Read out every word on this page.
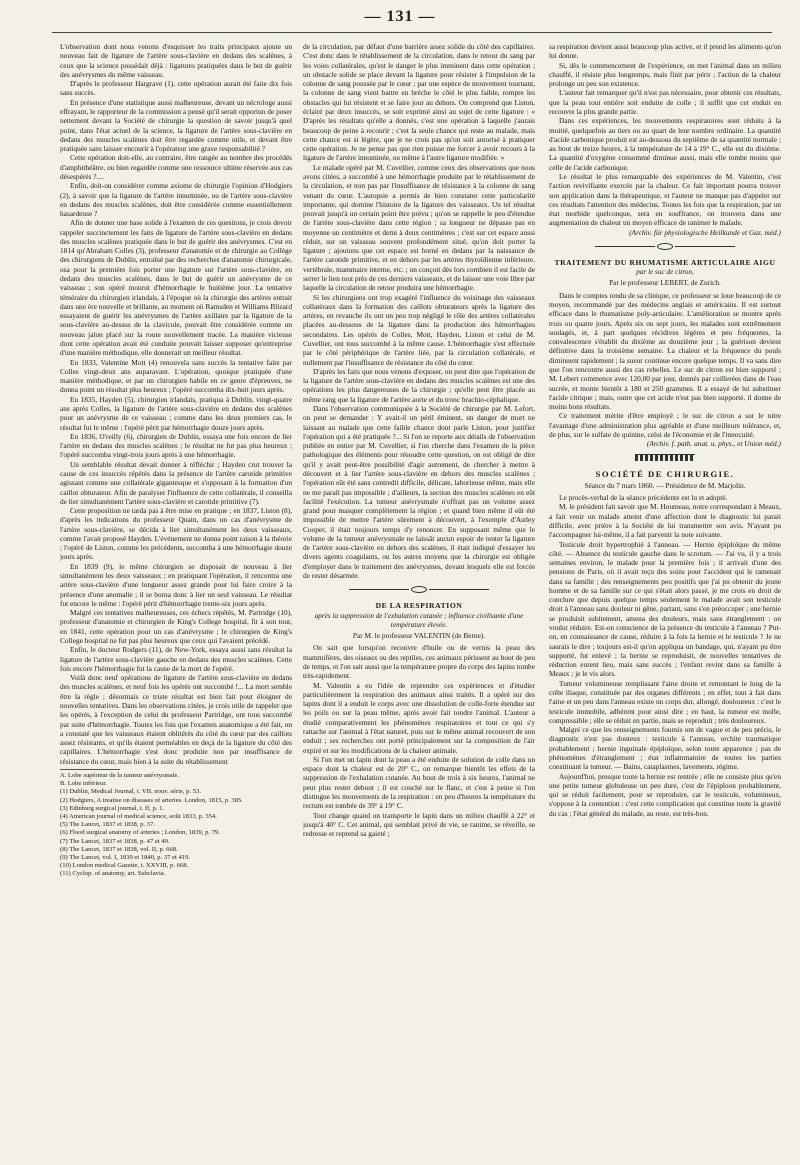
— 131 —

L'observation dont nous venons d'esquisser les traits principaux ajoute un nouveau fait de ligature de l'artère sous-clavière en dedans des scalènes, à ceux que la science possédait déjà : ligatures pratiquées dans le but de guérir des anévrysmes du même vaisseau.

D'après le professeur Hargrave (1), cette opération aurait été faite dix fois sans succès.

En présence d'une statistique aussi malheureuse, devant un nécrologe aussi effrayant, le rapporteur de la commission a pensé qu'il serait opportun de poser nettement devant la Société de chirurgie la question de savoir jusqu'à quel point, dans l'état actuel de la science, la ligature de l'artère sous-clavière en dedans des muscles scalènes doit être regardée comme utile, et devant être pratiquée sans laisser encourir à l'opérateur une grave responsabilité ?

Cette opération doit-elle, au contraire, être rangée au nombre des procédés d'amphithéâtre, ou bien regardée comme une ressource ultime réservée aux cas désespérés ?....

Enfin, doit-on considérer comme axiome de chirurgie l'opinion d'Hodgiers (2), à savoir que la ligature de l'artère innominée, ou de l'artère sous-clavière en dedans des muscles scalènes, doit être considérée comme essentiellement hasardeuse ?

Afin de donner une base solide à l'examen de ces questions, je crois devoir rappeler succinctement les faits de ligature de l'artère sous-clavière en dedans des muscles scalènes pratiquée dans le but de guérir des anévrysmes. C'est en 1814 qu'Abraham Colles (3), professeur d'anatomie et de chirurgie au Collège des chirurgiens de Dublin, entraîné par des recherches d'anatomie chirurgicale, osa pour la première fois porter une ligature sur l'artère sous-clavière, en dedans des muscles scalènes, dans le but de guérir un anévrysme de ce vaisseau ; son opéré mourut d'hémorrhagie le huitième jour. La tentative téméraire du chirurgien irlandais, à l'époque où la chirurgie des artères entrait dans une ère nouvelle et brillante, au moment où Ramsden et Williams Blizard essayaient de guérir les anévrysmes de l'artère axillaire par la ligature de la sous-clavière au-dessus de la clavicule, pouvait être considérée comme un nouveau jalon placé sur la route nouvellement tracée. La manière vicieuse dont cette opération avait été conduite pouvait laisser supposer qu'entreprise d'une manière méthodique, elle donnerait un meilleur résultat.

En 1833, Valentine Mott (4) renouvela sans succès la tentative faite par Colles vingt-deux ans auparavant. L'opération, quoique pratiquée d'une manière méthodique, et par un chirurgien habile en ce genre d'épreuves, ne donna point un résultat plus heureux ; l'opéré succomba dix-huit jours après.

En 1835, Hayden (5), chirurgien irlandais, pratiqua à Dublin, vingt-quatre ans après Colles, la ligature de l'artère sous-clavière en dedans des scalènes pour un anévrysme de ce vaisseau ; comme dans les deux premiers cas, le résultat fut le même : l'opéré périt par hémorrhagie douze jours après.

En 1836, O'reilly (6), chirurgien de Dublin, essaya une fois encore de lier l'artère en dedans des muscles scalènes ; le résultat ne fut pas plus heureux ; l'opéré succomba vingt-trois jours après à une hémorrhagie.

Un semblable résultat devait donner à réfléchir ; Hayden crut trouver la cause de ces insuccès répétés dans la présence de l'artère carotide primitive agissant comme une collatérale gigantesque et s'opposant à la formation d'un caillot obturateur. Afin de paralyser l'influence de cette collatérale, il conseilla de lier simultanément l'artère sous-clavière et carotide primitive (7).

Cette proposition ne tarda pas à être mise en pratique ; en 1837, Liston (8), d'après les indications du professeur Quain, dans un cas d'anévrysme de l'artère sous-clavière, se décida à lier simultanément les deux vaisseaux, comme l'avait proposé Hayden. L'événement ne donna point raison à la théorie ; l'opéré de Liston, comme les précédents, succomba à une hémorrhagie douze jours après.

En 1839 (9), le même chirurgien se disposait de nouveau à lier simultanément les deux vaisseaux ; en pratiquant l'opération, il rencontra une artère sous-clavière d'une longueur assez grande pour lui faire croire à la présence d'une anomalie ; il se borna donc à lier un seul vaisseau. Le résultat fut encore le même : l'opéré périt d'hémorrhagie trente-six jours après.

Malgré ces tentatives malheureuses, ces échecs répétés, M. Partridge (10), professeur d'anatomie et chirurgien de King's College hospital, fit à son tour, en 1841, cette opération pour un cas d'anévrysme ; le chirurgien de King's College hospital ne fut pas plus heureux que ceux qui l'avaient précédé.

Enfin, le docteur Rodgers (11), de New-York, essaya aussi sans résultat la ligature de l'artère sous-clavière gauche en dedans des muscles scalènes. Cette fois encore l'hémorrhagie fut la cause de la mort de l'opéré.

Voilà donc neuf opérations de ligature de l'artère sous-clavière en dedans des muscles scalènes, et neuf fois les opérés ont succombé !... La mort semble être la règle ; désormais ce triste résultat est bien fait pour éloigner de nouvelles tentatives. Dans les observations citées, je crois utile de rappeler que les opérés, à l'exception de celui du professeur Partridge, ont tous succombé par suite d'hémorrhagie. Toutes les fois que l'examen anatomique a été fait, on a constaté que les vaisseaux étaient oblitérés du côté du cœur par des caillots assez résistants, et qu'ils étaient perméables en deçà de la ligature du côté des capillaires. L'hémorrhagie s'est donc produite non par insuffisance de résistance du cœur, mais bien à la suite du rétablissement

A. Lobe supérieur de la tumeur anévrysmale.
B. Lobe inférieur.
(1) Dublin, Medical Journal, t. VII, nouv. série, p. 53.
(2) Hodgiers, A treatise on diseases of arteries. London, 1815, p. 385.
(3) Edinburg surgical journal, t. ff, p. 1.
(4) American journal of medical science, août 1833, p. 354.
(5) The Lancet, 1837 et 1838, p. 37.
(6) Flood surgical anatomy of arteries ; London, 1839, p. 79.
(7) The Lancet, 1837 et 1838, p. 47 et 49.
(8) The Lancet, 1837 et 1838, vol. II, p. 668.
(9) The Lancet, vol. I, 1839 et 1840, p. 37 et 419.
(10) London medical Gazette, t. XXVIII, p. 668.
(11) Cyclop. of anatomy, art. Subclavia.

de la circulation, par défaut d'une barrière assez solide du côté des capillaires. C'est donc dans le rétablissement de la circulation, dans le retour du sang par les voies collatérales, qu'est le danger le plus imminent dans cette opération ; un obstacle solide se place devant la ligature pour résister à l'impulsion de la colonne de sang poussée par le cœur ; par une espèce de mouvement tournant, la colonne de sang vient battre en brèche le côté le plus faible, rompre les obstacles qui lui résistent et se faire jour au dehors. On comprend que Liston, éclairé par deux insuccès, se soit exprimé ainsi au sujet de cette ligature : « D'après les résultats qu'elle a donnés, c'est une opération à laquelle j'aurais beaucoup de peine à recourir ; c'est la seule chance qui reste au malade, mais cette chance est si légère, que je ne crois pas qu'on soit autorisé à pratiquer cette opération. Je ne pense pas que rien puisse me forcer à avoir recours à la ligature de l'artère innominée, ou même à l'autre ligature modifiée. »

Le malade opéré par M. Cuvellier, comme ceux des observations que nous avons citées, a succombé à une hémorrhagie produite par le rétablissement de la circulation, et non pas par l'insuffisance de résistance à la colonne de sang venant du cœur. L'autopsie a permis de bien constater cette particularité importante, qui domine l'histoire de la ligature des vaisseaux. Un tel résultat pouvait jusqu'à un certain point être prévu ; qu'on se rappelle le peu d'étendue de l'artère sous-clavière dans cette région ; sa longueur ne dépasse pas en moyenne un centimètre et demi à deux centimètres ; c'est sur cet espace aussi réduit, sur un vaisseau souvent profondément situé, qu'on doit porter la ligature ; ajoutons que cet espace est borné en dedans par la naissance de l'artère carotide primitive, et en dehors par les artères thyroïdienne inférieure, vertébrale, mammaire interne, etc. ; on conçoit dès lors combien il est facile de serrer le lien tout près de ces derniers vaisseaux, et de laisser une voie libre par laquelle la circulation de retour produira une hémorrhagie.

Si les chirurgiens ont trop exagéré l'influence du voisinage des vaisseaux collatéraux dans la formation des caillots obturateurs après la ligature des artères, en revanche ils ont un peu trop négligé le rôle des artères collatérales placées au-dessous de la ligature dans la production des hémorrhagies secondaires. Les opérés de Colles, Mott, Hayden, Liston et celui de M. Cuvellier, ont tous succombé à la même cause. L'hémorrhagie s'est effectuée par le côté périphérique de l'artère liée, par la circulation collatérale, et nullement par l'insuffisance de résistance du côté du cœur.

D'après les faits que nous venons d'exposer, on peut dire que l'opération de la ligature de l'artère sous-clavière en dedans des muscles scalènes est une des opérations les plus dangereuses de la chirurgie ; qu'elle peut être placée au même rang que la ligature de l'artère aorte et du tronc brachio-céphalique.

Dans l'observation communiquée à la Société de chirurgie par M. Lefort, on peut se demander : Y avait-il un péril éminent, un danger de mort ne laissant au malade que cette faible chance dont parle Liston, pour justifier l'opération qui a été pratiquée ?... Si l'on se reporte aux détails de l'observation publiée en entier par M. Cuvellier, si l'on cherche dans l'examen de la pièce pathologique des éléments pour résoudre cette question, on est obligé de dire qu'il y avait peut-être possibilité d'agir autrement, de chercher à mettre à découvert et à lier l'artère sous-clavière en dehors des muscles scalènes ; l'opération eût été sans contredit difficile, délicate, laborieuse même, mais elle ne me paraît pas impossible ; d'ailleurs, la section des muscles scalènes en eût facilité l'exécution. La tumeur anévrysmale n'offrait pas un volume assez grand pour masquer complètement la région ; et quand bien même il eût été impossible de mettre l'artère sûrement à découvert, à l'exemple d'Astley Cooper, il était toujours temps d'y renoncer. En supposant même que le volume de la tumeur anévrysmale ne laissât aucun espoir de tenter la ligature de l'artère sous-clavière en dehors des scalènes, il était indiqué d'essayer les divers agents coagulants, ou les autres moyens que la chirurgie est obligée d'employer dans le traitement des anévrysmes, devant lesquels elle est forcée de rester désarmée.

DE LA RESPIRATION
après la suppression de l'exhalation cutanée ; influence civilisante d'une température élevée.
Par M. le professeur VALENTIN (de Berne).

On sait que lorsqu'on recouvre d'huile ou de vernis la peau des mammifères, des oiseaux ou des reptiles, ces animaux périssent au bout de peu de temps, et l'on sait aussi que la température propre du corps des lapins tombe très-rapidement.

M. Valentin a eu l'idée de reprendre ces expériences et d'étudier particulièrement la respiration des animaux ainsi traités. Il a opéré sur des lapins dont il a enduit le corps avec une dissolution de colle-forte étendue sur les poils ou sur la peau même, après avoir fait tondre l'animal. L'auteur a étudié comparativement les phénomènes respiratoires et tout ce qui s'y rattache sur l'animal à l'état naturel, puis sur le même animal recouvert de son enduit ; ses recherches ont porté principalement sur la composition de l'air expiré et sur les modifications de la chaleur animale.

Si l'on met un lapin dont la peau a été enduite de solution de colle dans un espace dont la chaleur est de 20° C., on remarque bientôt les effets de la suppression de l'exhalation cutanée. Au bout de trois à six heures, l'animal ne peut plus rester debout ; il est couché sur le flanc, et c'est à peine si l'on distingue les mouvements de la respiration : en peu d'heures la température du rectum est tombée de 39° à 19° C.

Tout change quand on transporte le lapin dans un milieu chauffé à 22° et jusqu'à 40° C. Cet animal, qui semblait privé de vie, se ranime, se réveille, se redresse et reprend sa gaieté ;

sa respiration devient aussi beaucoup plus active, et il prend les aliments qu'on lui donne.

Si, dès le commencement de l'expérience, on met l'animal dans un milieu chauffé, il résiste plus longtemps, mais finit par périr ; l'action de la chaleur prolonge un peu son existence.

L'auteur fait remarquer qu'il n'est pas nécessaire, pour obtenir ces résultats, que la peau tout entière soit enduite de colle ; il suffit que cet enduit en recouvre la plus grande partie.

Dans ces expériences, les mouvements respiratoires sont réduits à la moitié, quelquefois au tiers ou au quart de leur nombre ordinaire. La quantité d'acide carbonique produit est au-dessous du septième de sa quantité normale ; au bout de treize heures, à la température de 14 à 19° C., elle est du dixième. La quantité d'oxygène consommé diminue aussi, mais elle tombe moins que celle de l'acide carbonique.

Le résultat le plus remarquable des expériences de M. Valentin, c'est l'action revivifiante exercée par la chaleur. Ce fait important pourra trouver son application dans la thérapeutique, et l'auteur ne manque pas d'appeler sur ces résultats l'attention des médecins. Toutes les fois que la respiration, par un état morbide quelconque, sera en souffrance, on trouvera dans une augmentation de chaleur un moyen efficace de ranimer le malade.

(Archiv. für physiologische Heilkunde et Gaz. méd.)
TRAITEMENT DU RHUMATISME ARTICULAIRE AIGU
par le suc de citron,
Par le professeur LEBERT, de Zurich.

Dans le comptes rendu de sa clinique, ce professeur se loue beaucoup de ce moyen, recommandé par des médecins anglais et américains. Il est surtout efficace dans le rhumatisme poly-articulaire. L'amélioration se montre après trois ou quatre jours. Après six ou sept jours, les malades sont extrêmement soulagés, et, à part quelques récidives légères et peu fréquentes, la convalescence s'établit du dixième au douzième jour ; la guérison devient définitive dans la troisième semaine. La chaleur et la fréquence du pouls diminuent rapidement ; la sueur continue encore quelque temps. Il va sans dire que l'on rencontre aussi des cas rebelles. Le suc de citron est bien supporté ; M. Lebert commence avec 120,00 par jour, donnés par cuillerées dans de l'eau sucrée, et monte bientôt à 180 et 250 grammes. Il a essayé de lui substituer l'acide citrique ; mais, outre que cet acide n'est pas bien supporté, il donne de moins bons résultats.

Ce traitement mérite d'être employé ; le suc de citron a sur le nitre l'avantage d'une administration plus agréable et d'une meilleure tolérance, et, de plus, sur le sulfate de quinine, celui de l'économie et de l'innocuité.

(Archiv. f. path. anat. u. phys., et Union méd.)
SOCIÉTÉ DE CHIRURGIE.
Séance du 7 mars 1860. — Présidence de M. Marjolin.

Le procès-verbal de la séance précédente est lu et adopté.

M. le président fait savoir que M. Houmeau, notre correspondant à Meaux, a fait venir un malade atteint d'une affection dont le diagnostic lui parait difficile, avec prière à la Société de lui transmettre son avis. N'ayant pu l'accompagner lui-même, il a fait parvenir la note suivante.

Testicule droit hypertrophié à l'anneau. — Hernie épiploïque du même côté. — Absence du testicule gauche dans le scrotum. — J'ai vu, il y a trois semaines environ, le malade pour la première fois ; il arrivait d'une des pensions de Paris, où il avait reçu des soins pour l'accident qui le ramenait dans sa famille ; des renseignements peu positifs que j'ai pu obtenir du jeune homme et de sa famille sur ce qui s'était alors passé, je me crois en droit de conclure que depuis quelque temps seulement le malade avait son testicule droit à l'anneau sans douleur ni gêne, partant, sans s'en préoccuper ; une hernie se produisit subitement, amena des douleurs, mais sans étranglement : on voulut réduire. Est-on conscience de la présence du testicule à l'anneau ? Put-on, en connaissance de cause, réduire à la fois la hernie et le testicule ? Je ne saurais le dire ; toujours est-il qu'on appliqua un bandage, qui, n'ayant pu être supporté, fut enlevé ; la hernie se reproduisit, de nouvelles tentatives de réduction eurent lieu, mais sans succès ; l'enfant revint dans sa famille à Meaux ; je le vis alors.

Tumeur volumineuse remplissant l'aine droite et remontant le long de la crête iliaque, constituée par des organes différents ; en effet, tout à fait dans l'aine et un peu dans l'anneau existe un corps dur, allongé, douloureux : c'est le testicule immobile, adhérent pour ainsi dire ; en haut, la tumeur est molle, compressible ; elle se réduit en partie, mais se reproduit ; très douloureux.

Malgré ce que les renseignements fournis ont de vague et de peu précis, le diagnostic n'est pas douteux : testicule à l'anneau, orchite traumatique probablement ; hernie inguinale épiploïque, selon toute apparence ; pas de phénomènes d'étranglement ; état inflammatoire de toutes les parties constituant la tumeur. — Bains, cataplasmes, lavements, régime.

Aujourd'hui, presque toute la hernie est rentrée ; elle ne consiste plus qu'en une petite tumeur globuleuse un peu dure, c'est de l'épiploon probablement, qui se réduit facilement, pour se reproduire, car le testicule, volumineux, s'oppose à la contention : c'est cette complication qui constitue toute la gravité du cas ; l'état général du malade, au reste, est très-bon.
